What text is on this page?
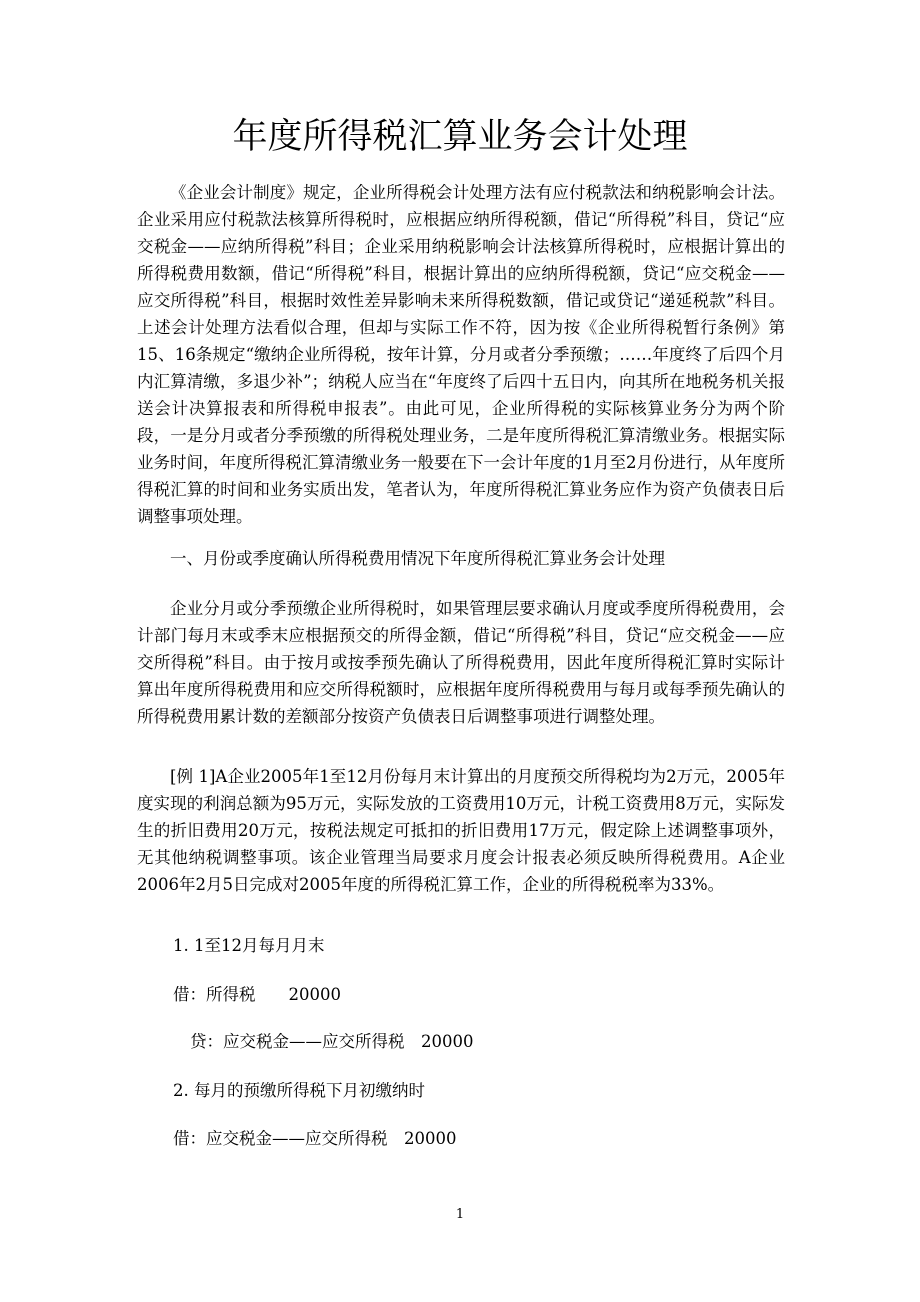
年度所得税汇算业务会计处理

《企业会计制度》规定，企业所得税会计处理方法有应付税款法和纳税影响会计法。企业采用应付税款法核算所得税时，应根据应纳所得税额，借记“所得税”科目，贷记“应交税金——应纳所得税”科目；企业采用纳税影响会计法核算所得税时，应根据计算出的所得税费用数额，借记“所得税”科目，根据计算出的应纳所得税额，贷记“应交税金——应交所得税”科目，根据时效性差异影响未来所得税数额，借记或贷记“递延税款”科目。上述会计处理方法看似合理，但却与实际工作不符，因为按《企业所得税暂行条例》第15、16条规定“缴纳企业所得税，按年计算，分月或者分季预缴；……年度终了后四个月内汇算清缴，多退少补”；纳税人应当在“年度终了后四十五日内，向其所在地税务机关报送会计决算报表和所得税申报表”。由此可见，企业所得税的实际核算业务分为两个阶段，一是分月或者分季预缴的所得税处理业务，二是年度所得税汇算清缴业务。根据实际业务时间，年度所得税汇算清缴业务一般要在下一会计年度的1月至2月份进行，从年度所得税汇算的时间和业务实质出发，笔者认为，年度所得税汇算业务应作为资产负债表日后调整事项处理。

一、月份或季度确认所得税费用情况下年度所得税汇算业务会计处理

企业分月或分季预缴企业所得税时，如果管理层要求确认月度或季度所得税费用，会计部门每月末或季末应根据预交的所得金额，借记“所得税”科目，贷记“应交税金——应交所得税”科目。由于按月或按季预先确认了所得税费用，因此年度所得税汇算时实际计算出年度所得税费用和应交所得税额时，应根据年度所得税费用与每月或每季预先确认的所得税费用累计数的差额部分按资产负债表日后调整事项进行调整处理。

[例 1]A企业2005年1至12月份每月末计算出的月度预交所得税均为2万元，2005年度实现的利润总额为95万元，实际发放的工资费用10万元，计税工资费用8万元，实际发生的折旧费用20万元，按税法规定可抵扣的折旧费用17万元，假定除上述调整事项外，无其他纳税调整事项。该企业管理当局要求月度会计报表必须反映所得税费用。A企业2006年2月5日完成对2005年度的所得税汇算工作，企业的所得税税率为33%。

1. 1至12月每月月末

借：所得税　　20000

贷：应交税金——应交所得税　20000

2. 每月的预缴所得税下月初缴纳时

借：应交税金——应交所得税　20000

1
